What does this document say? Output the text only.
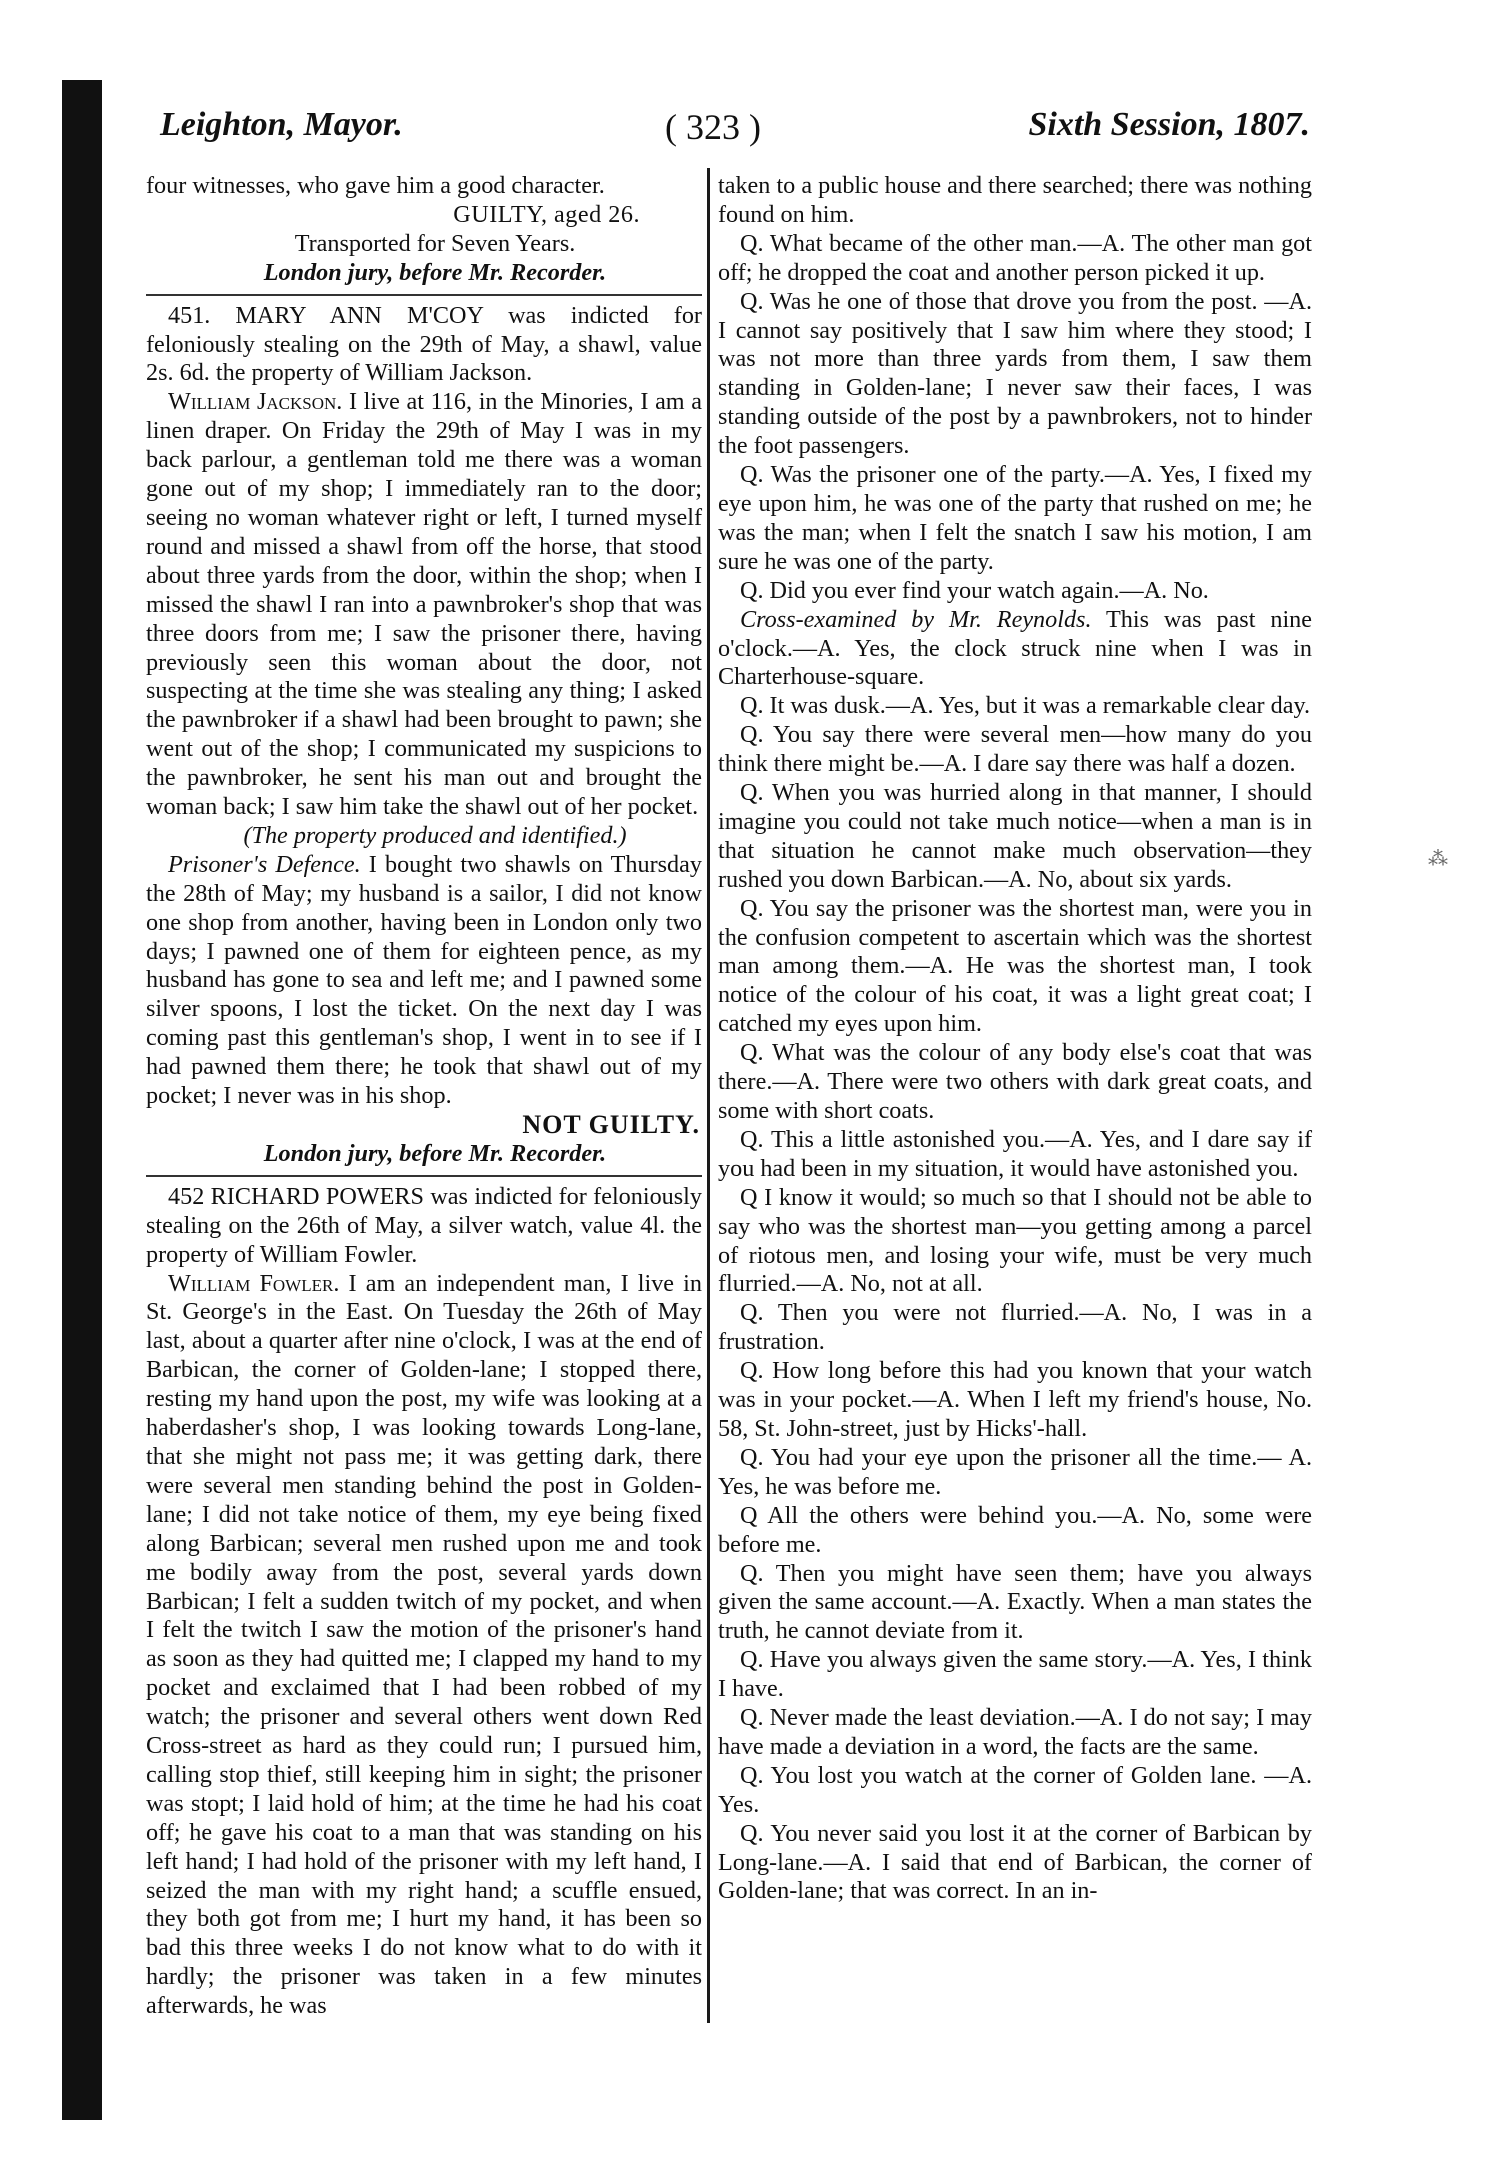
Leighton, Mayor.	( 323 )	Sixth Session, 1807.

four witnesses, who gave him a good character.

GUILTY, aged 26.

Transported for Seven Years.

London jury, before Mr. Recorder.

451. MARY ANN M'COY was indicted for feloniously stealing on the 29th of May, a shawl, value 2s. 6d. the property of William Jackson.

William Jackson. I live at 116, in the Minories, I am a linen draper. On Friday the 29th of May I was in my back parlour, a gentleman told me there was a woman gone out of my shop; I immediately ran to the door; seeing no woman whatever right or left, I turned myself round and missed a shawl from off the horse, that stood about three yards from the door, within the shop; when I missed the shawl I ran into a pawnbroker's shop that was three doors from me; I saw the prisoner there, having previously seen this woman about the door, not suspecting at the time she was stealing any thing; I asked the pawnbroker if a shawl had been brought to pawn; she went out of the shop; I communicated my suspicions to the pawnbroker, he sent his man out and brought the woman back; I saw him take the shawl out of her pocket.

(The property produced and identified.)

Prisoner's Defence. I bought two shawls on Thursday the 28th of May; my husband is a sailor, I did not know one shop from another, having been in London only two days; I pawned one of them for eighteen pence, as my husband has gone to sea and left me; and I pawned some silver spoons, I lost the ticket. On the next day I was coming past this gentleman's shop, I went in to see if I had pawned them there; he took that shawl out of my pocket; I never was in his shop.

NOT GUILTY.

London jury, before Mr. Recorder.

452 RICHARD POWERS was indicted for feloniously stealing on the 26th of May, a silver watch, value 4l. the property of William Fowler.

William Fowler. I am an independent man, I live in St. George's in the East. On Tuesday the 26th of May last, about a quarter after nine o'clock, I was at the end of Barbican, the corner of Golden-lane; I stopped there, resting my hand upon the post, my wife was looking at a haberdasher's shop, I was looking towards Long-lane, that she might not pass me; it was getting dark, there were several men standing behind the post in Golden-lane; I did not take notice of them, my eye being fixed along Barbican; several men rushed upon me and took me bodily away from the post, several yards down Barbican; I felt a sudden twitch of my pocket, and when I felt the twitch I saw the motion of the prisoner's hand as soon as they had quitted me; I clapped my hand to my pocket and exclaimed that I had been robbed of my watch; the prisoner and several others went down Red Cross-street as hard as they could run; I pursued him, calling stop thief, still keeping him in sight; the prisoner was stopt; I laid hold of him; at the time he had his coat off; he gave his coat to a man that was standing on his left hand; I had hold of the prisoner with my left hand, I seized the man with my right hand; a scuffle ensued, they both got from me; I hurt my hand, it has been so bad this three weeks I do not know what to do with it hardly; the prisoner was taken in a few minutes afterwards, he was

taken to a public house and there searched; there was nothing found on him.

Q. What became of the other man.—A. The other man got off; he dropped the coat and another person picked it up.

Q. Was he one of those that drove you from the post. —A. I cannot say positively that I saw him where they stood; I was not more than three yards from them, I saw them standing in Golden-lane; I never saw their faces, I was standing outside of the post by a pawnbrokers, not to hinder the foot passengers.

Q. Was the prisoner one of the party.—A. Yes, I fixed my eye upon him, he was one of the party that rushed on me; he was the man; when I felt the snatch I saw his motion, I am sure he was one of the party.

Q. Did you ever find your watch again.—A. No.

Cross-examined by Mr. Reynolds. This was past nine o'clock.—A. Yes, the clock struck nine when I was in Charterhouse-square.

Q. It was dusk.—A. Yes, but it was a remarkable clear day.

Q. You say there were several men—how many do you think there might be.—A. I dare say there was half a dozen.

Q. When you was hurried along in that manner, I should imagine you could not take much notice—when a man is in that situation he cannot make much observation—they rushed you down Barbican.—A. No, about six yards.

Q. You say the prisoner was the shortest man, were you in the confusion competent to ascertain which was the shortest man among them.—A. He was the shortest man, I took notice of the colour of his coat, it was a light great coat; I catched my eyes upon him.

Q. What was the colour of any body else's coat that was there.—A. There were two others with dark great coats, and some with short coats.

Q. This a little astonished you.—A. Yes, and I dare say if you had been in my situation, it would have astonished you.

Q I know it would; so much so that I should not be able to say who was the shortest man—you getting among a parcel of riotous men, and losing your wife, must be very much flurried.—A. No, not at all.

Q. Then you were not flurried.—A. No, I was in a frustration.

Q. How long before this had you known that your watch was in your pocket.—A. When I left my friend's house, No. 58, St. John-street, just by Hicks'-hall.

Q. You had your eye upon the prisoner all the time.— A. Yes, he was before me.

Q All the others were behind you.—A. No, some were before me.

Q. Then you might have seen them; have you always given the same account.—A. Exactly. When a man states the truth, he cannot deviate from it.

Q. Have you always given the same story.—A. Yes, I think I have.

Q. Never made the least deviation.—A. I do not say; I may have made a deviation in a word, the facts are the same.

Q. You lost you watch at the corner of Golden lane. —A. Yes.

Q. You never said you lost it at the corner of Barbican by Long-lane.—A. I said that end of Barbican, the corner of Golden-lane; that was correct. In an in-

⁂
